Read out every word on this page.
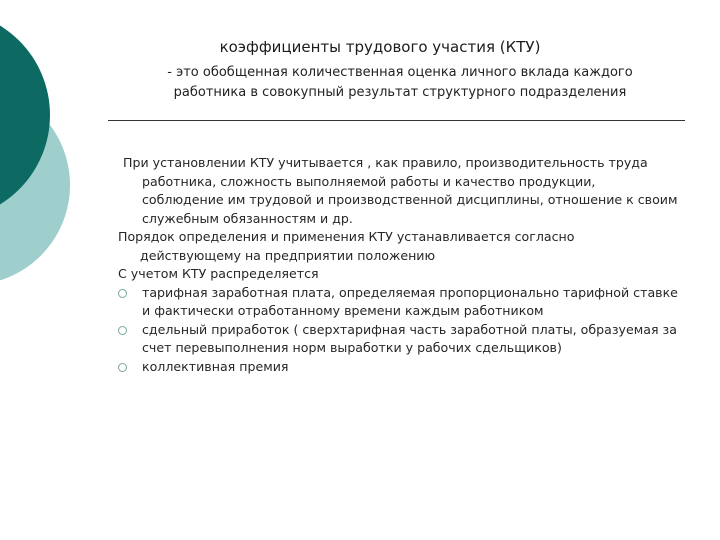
коэффициенты трудового участия (КТУ)
- это обобщенная количественная оценка личного вклада каждого
работника в совокупный результат структурного подразделения

При установлении КТУ учитывается , как правило, производительность труда работника, сложность выполняемой работы и качество продукции, соблюдение им трудовой и производственной дисциплины, отношение к своим служебным обязанностям и др.

Порядок определения и применения КТУ устанавливается согласно действующему на предприятии положению

С учетом КТУ распределяется

тарифная заработная плата, определяемая пропорционально тарифной ставке и фактически отработанному времени каждым работником
сдельный приработок ( сверхтарифная часть заработной платы, образуемая за счет перевыполнения норм выработки у рабочих сдельщиков)
коллективная премия
